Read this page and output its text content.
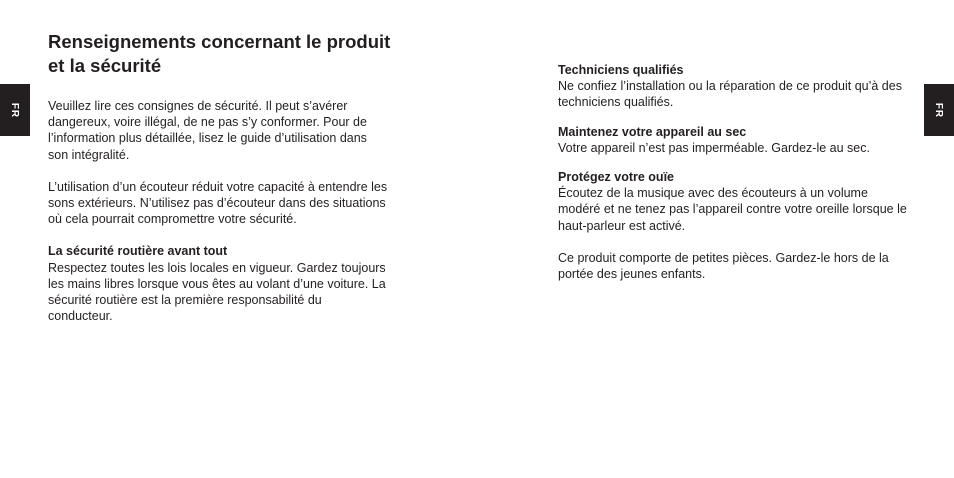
FR	FR
Renseignements concernant le produit
et la sécurité

Veuillez lire ces consignes de sécurité. Il peut s’avérer dangereux, voire illégal, de ne pas s’y conformer. Pour de l’information plus détaillée, lisez le guide d’utilisation dans son intégralité.

L’utilisation d’un écouteur réduit votre capacité à entendre les sons extérieurs. N’utilisez pas d’écouteur dans des situations où cela pourrait compromettre votre sécurité.

La sécurité routière avant tout

Respectez toutes les lois locales en vigueur. Gardez toujours les mains libres lorsque vous êtes au volant d’une voiture. La sécurité routière est la première responsabilité du conducteur.

Techniciens qualifiés

Ne confiez l’installation ou la réparation de ce produit qu’à des techniciens qualifiés.

Maintenez votre appareil au sec

Votre appareil n’est pas imperméable. Gardez-le au sec.

Protégez votre ouïe

Écoutez de la musique avec des écouteurs à un volume modéré et ne tenez pas l’appareil contre votre oreille lorsque le haut-parleur est activé.

Ce produit comporte de petites pièces. Gardez-le hors de la portée des jeunes enfants.
